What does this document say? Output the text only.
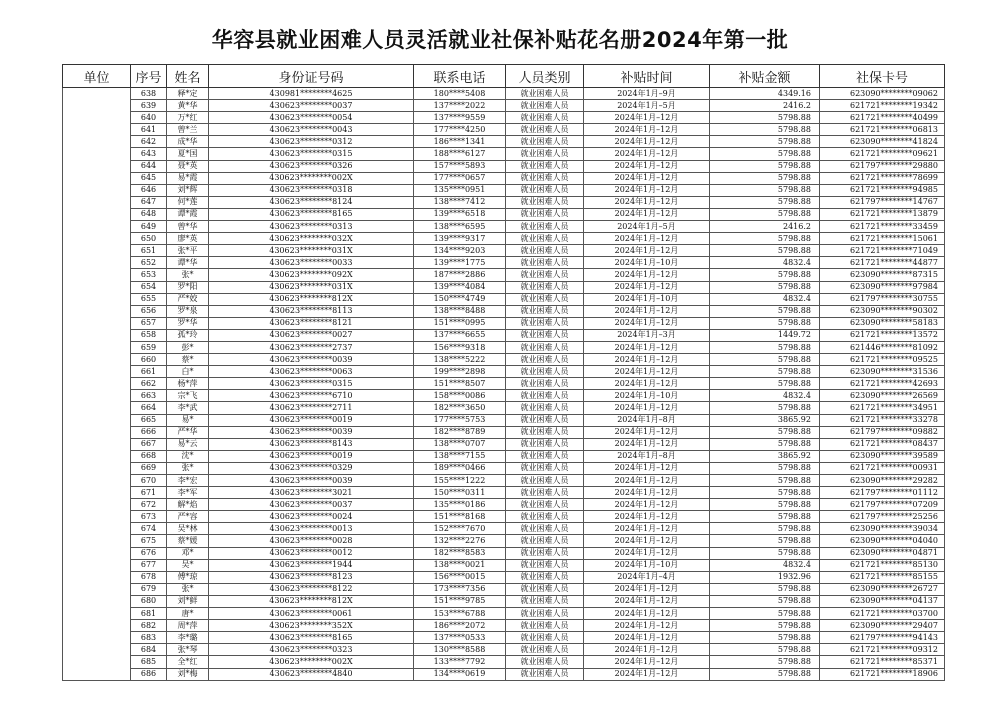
华容县就业困难人员灵活就业社保补贴花名册2024年第一批
单位	序号	姓名	身份证号码	联系电话	人员类别	补贴时间	补贴金额	社保卡号
	638	释*定	430981********4625	180****5408	就业困难人员	2024年1月–9月	4349.16	623090********09062
	639	黄*华	430623********0037	137****2022	就业困难人员	2024年1月–5月	2416.2	621721********19342
	640	万*红	430623********0054	137****9559	就业困难人员	2024年1月–12月	5798.88	621721********40499
	641	曾*兰	430623********0043	177****4250	就业困难人员	2024年1月–12月	5798.88	621721********06813
	642	成*华	430623********0312	186****1341	就业困难人员	2024年1月–12月	5798.88	623090********41824
	643	夏*国	430623********0315	188****6127	就业困难人员	2024年1月–12月	5798.88	621721********09621
	644	聂*英	430623********0326	157****5893	就业困难人员	2024年1月–12月	5798.88	621797********29880
	645	易*霞	430623********002X	177****0657	就业困难人员	2024年1月–12月	5798.88	621721********78699
	646	刘*辉	430623********0318	135****0951	就业困难人员	2024年1月–12月	5798.88	621721********94985
	647	何*莲	430623********8124	138****7412	就业困难人员	2024年1月–12月	5798.88	621797********14767
	648	谭*霞	430623********8165	139****6518	就业困难人员	2024年1月–12月	5798.88	621721********13879
	649	曾*华	430623********0313	138****6595	就业困难人员	2024年1月–5月	2416.2	621721********33459
	650	廖*英	430623********032X	139****9317	就业困难人员	2024年1月–12月	5798.88	621721********15061
	651	张*平	430623********031X	134****9203	就业困难人员	2024年1月–12月	5798.88	621721********71049
	652	谭*华	430623********0033	139****1775	就业困难人员	2024年1月–10月	4832.4	621721********44877
	653	张*	430623********092X	187****2886	就业困难人员	2024年1月–12月	5798.88	623090********87315
	654	罗*阳	430623********031X	139****4084	就业困难人员	2024年1月–12月	5798.88	623090********97984
	655	严*姣	430623********812X	150****4749	就业困难人员	2024年1月–10月	4832.4	621797********30755
	656	罗*泉	430623********8113	138****8488	就业困难人员	2024年1月–12月	5798.88	623090********90302
	657	罗*华	430623********8121	151****0995	就业困难人员	2024年1月–12月	5798.88	623090********58183
	658	孤*玲	430623********0027	137****6655	就业困难人员	2024年1月–3月	1449.72	621721********13572
	659	彭*	430623********2737	156****9318	就业困难人员	2024年1月–12月	5798.88	621446********81092
	660	蔡*	430623********0039	138****5222	就业困难人员	2024年1月–12月	5798.88	621721********09525
	661	白*	430623********0063	199****2898	就业困难人员	2024年1月–12月	5798.88	623090********31536
	662	杨*萍	430623********0315	151****8507	就业困难人员	2024年1月–12月	5798.88	621721********42693
	663	宗*飞	430623********6710	158****0086	就业困难人员	2024年1月–10月	4832.4	623090********26569
	664	李*武	430623********2711	182****3650	就业困难人员	2024年1月–12月	5798.88	621721********34951
	665	易*	430623********0019	177****5753	就业困难人员	2024年1月–8月	3865.92	621721********33278
	666	严*华	430623********0039	182****8789	就业困难人员	2024年1月–12月	5798.88	621797********09882
	667	易*云	430623********8143	138****0707	就业困难人员	2024年1月–12月	5798.88	621721********08437
	668	沈*	430623********0019	138****7155	就业困难人员	2024年1月–8月	3865.92	623090********39589
	669	张*	430623********0329	189****0466	就业困难人员	2024年1月–12月	5798.88	621721********00931
	670	李*宏	430623********0039	155****1222	就业困难人员	2024年1月–12月	5798.88	623090********29282
	671	李*军	430623********3021	150****0311	就业困难人员	2024年1月–12月	5798.88	621797********01112
	672	解*焰	430623********0037	135****0186	就业困难人员	2024年1月–12月	5798.88	621797********07209
	673	严*容	430623********0024	151****8168	就业困难人员	2024年1月–12月	5798.88	621797********25256
	674	吴*林	430623********0013	152****7670	就业困难人员	2024年1月–12月	5798.88	623090********39034
	675	蔡*媛	430623********0028	132****2276	就业困难人员	2024年1月–12月	5798.88	623090********04040
	676	邓*	430623********0012	182****8583	就业困难人员	2024年1月–12月	5798.88	623090********04871
	677	吴*	430623********1944	138****0021	就业困难人员	2024年1月–10月	4832.4	621721********85130
	678	傅*琼	430623********8123	156****0015	就业困难人员	2024年1月–4月	1932.96	621721********85155
	679	张*	430623********8122	173****7356	就业困难人员	2024年1月–12月	5798.88	623090********26727
	680	刘*鲜	430623********812X	151****9785	就业困难人员	2024年1月–12月	5798.88	623090********04137
	681	唐*	430623********0061	153****6788	就业困难人员	2024年1月–12月	5798.88	621721********03700
	682	周*萍	430623********352X	186****2072	就业困难人员	2024年1月–12月	5798.88	623090********29407
	683	李*璐	430623********8165	137****0533	就业困难人员	2024年1月–12月	5798.88	621797********94143
	684	张*琴	430623********0323	130****8588	就业困难人员	2024年1月–12月	5798.88	621721********09312
	685	全*红	430623********002X	133****7792	就业困难人员	2024年1月–12月	5798.88	621721********85371
	686	刘*梅	430623********4840	134****0619	就业困难人员	2024年1月–12月	5798.88	621721********18906
